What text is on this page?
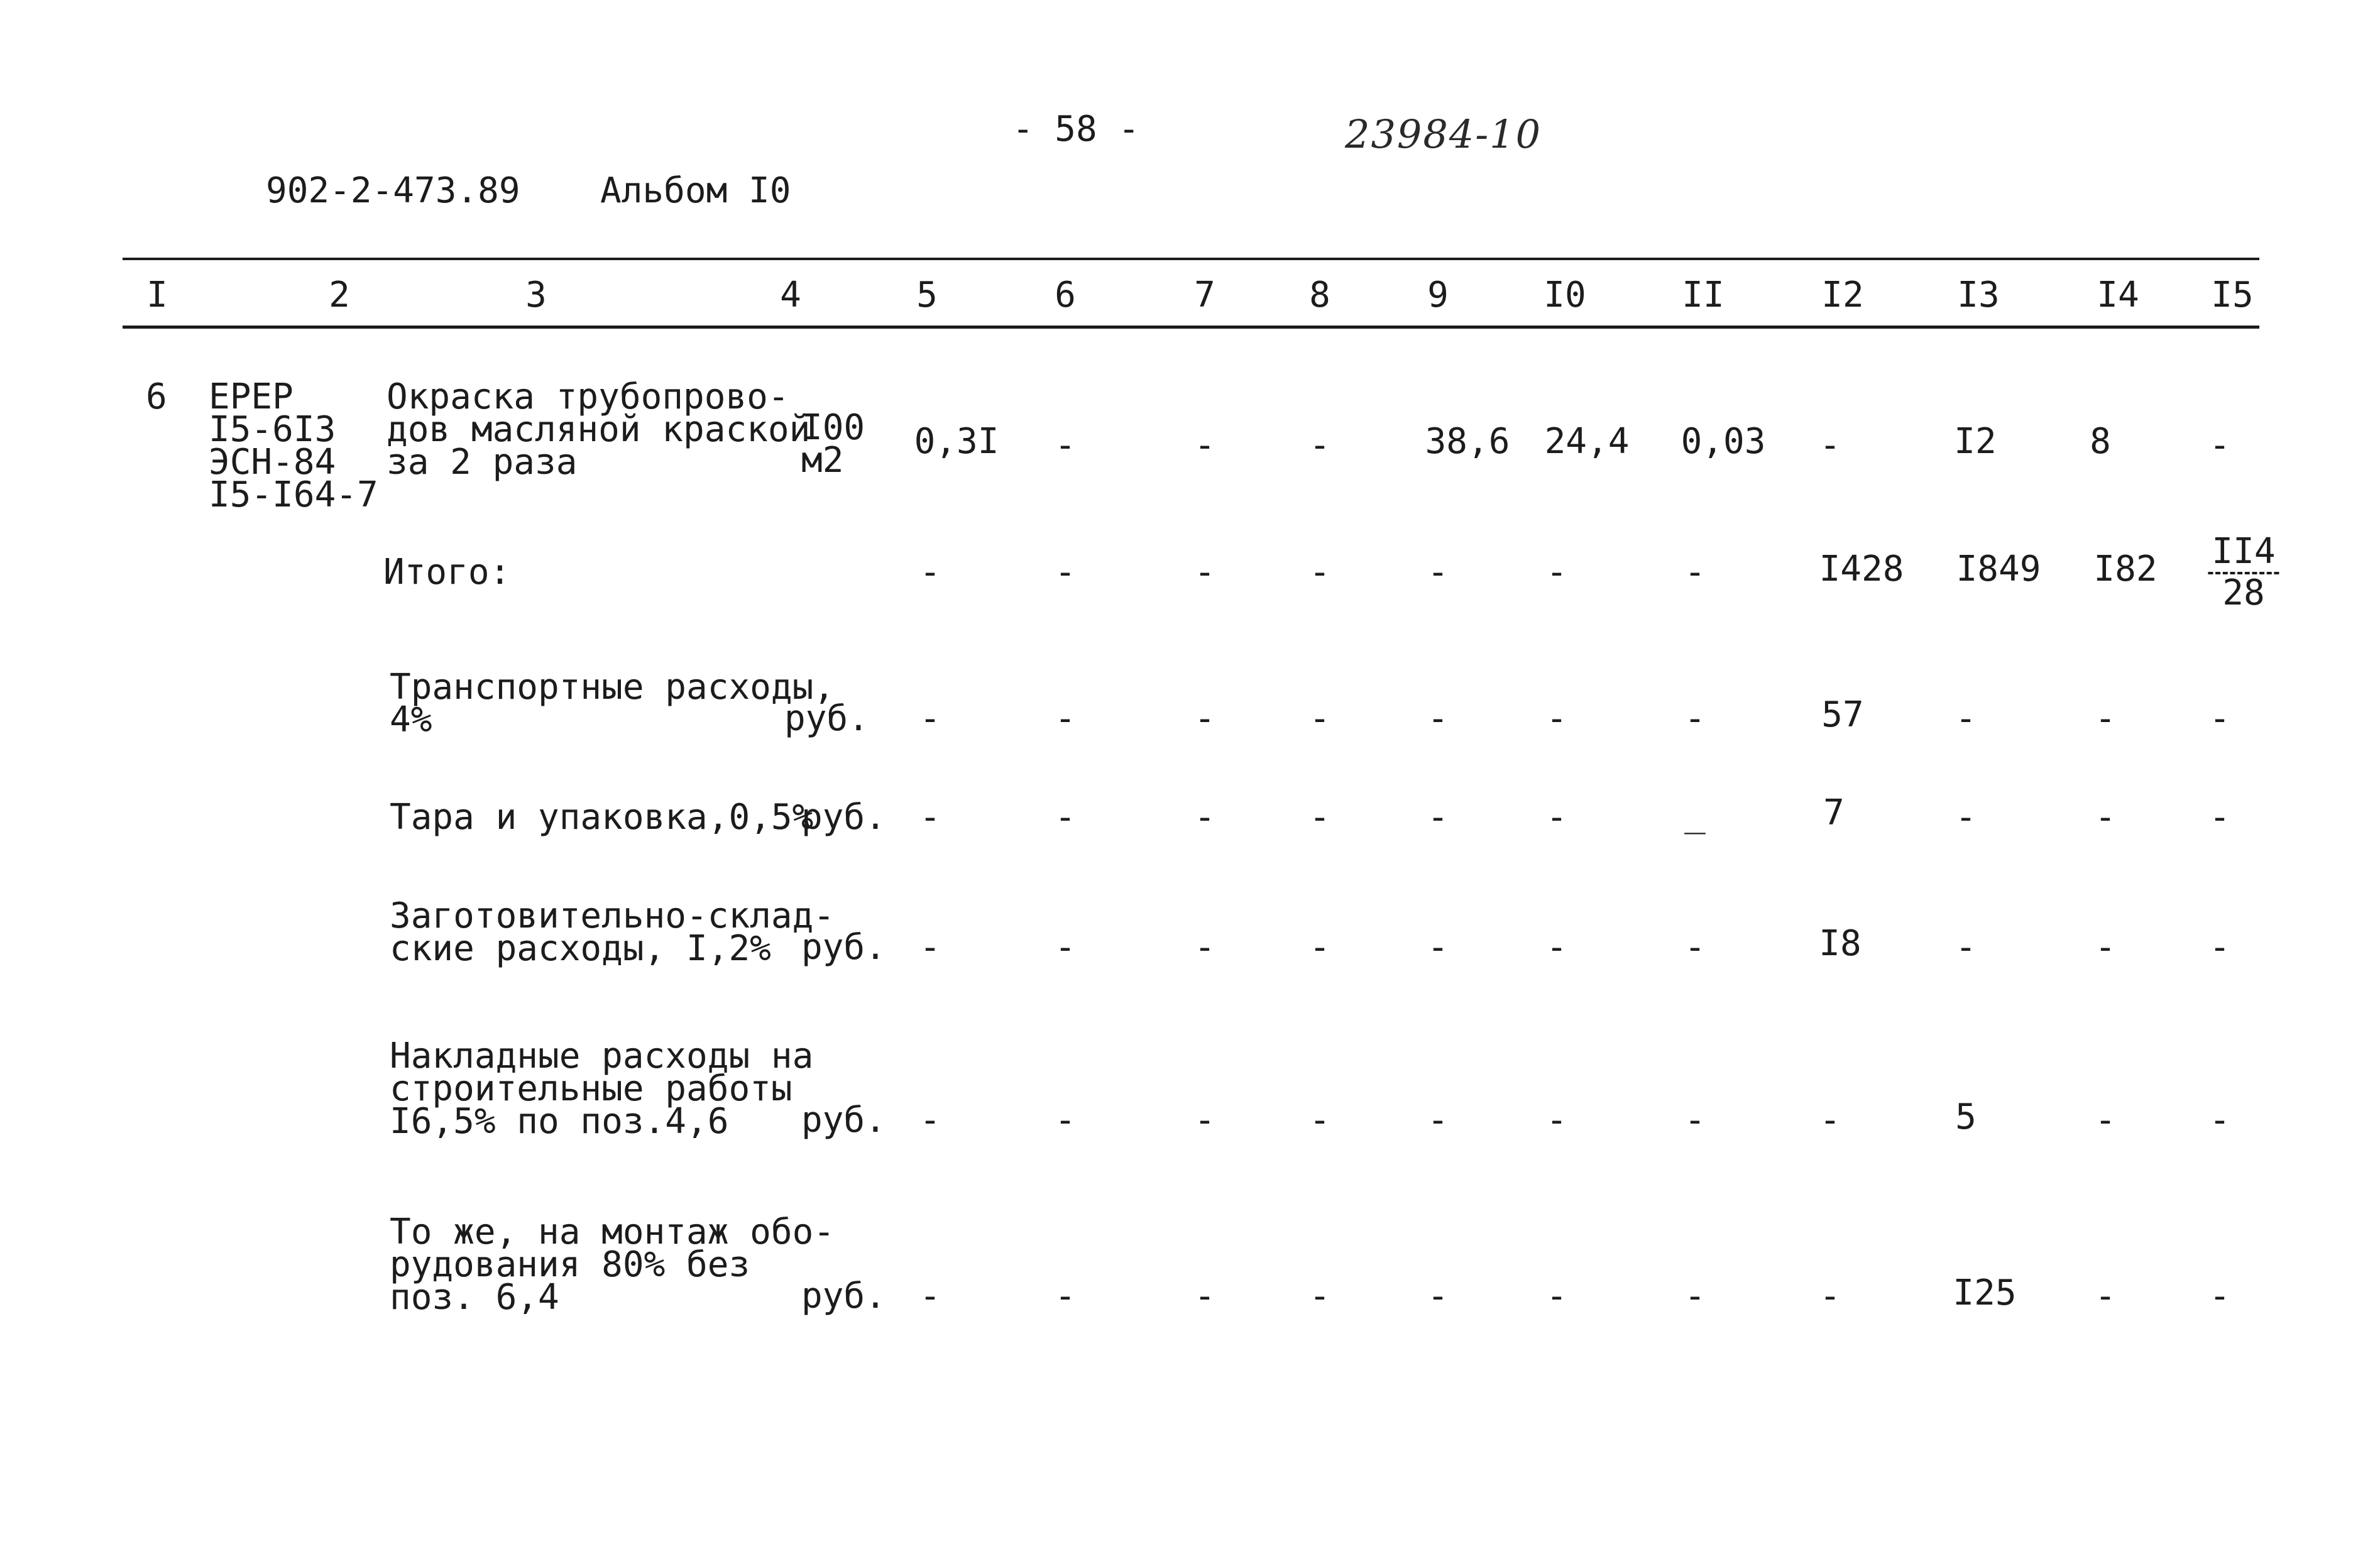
- 58 -	23984-10
902-2-473.89 Альбом I0
I	2	3	4	5	6	7	8	9	I0	II	I2	I3	I4 I5
6 ЕРЕР
I5-6I3
ЭСН-84
I5-I64-7
Окраска трубопрово-
дов масляной краской
за 2 раза
I00
м2	0,3I -	-	-	38,6 24,4 0,03 -	I2	8	-
Итого:	-	-	-	-	-	-	-	I428 I849 $I82 \frac{II4}{28}$
Транспортные расходы,
4%	руб. -	-	-	-	-	-	-	57	-	-	-
Тара и упаковка,0,5%
руб. -	-	-	-	-	-	_	7	-	-	-
Заготовительно-склад-
ские расходы, I,2% руб. -	-	-	-	-	-	-	I8	-	-	-
Накладные расходы на
строительные работы
I6,5% по поз.4,6	руб. -	-	-	-	-	-	-	-	5	-	-
То же, на монтаж обо-
рудования 80% без
поз. 6,4	руб. -	-	-	-	-	-	-	-	I25 -	-
